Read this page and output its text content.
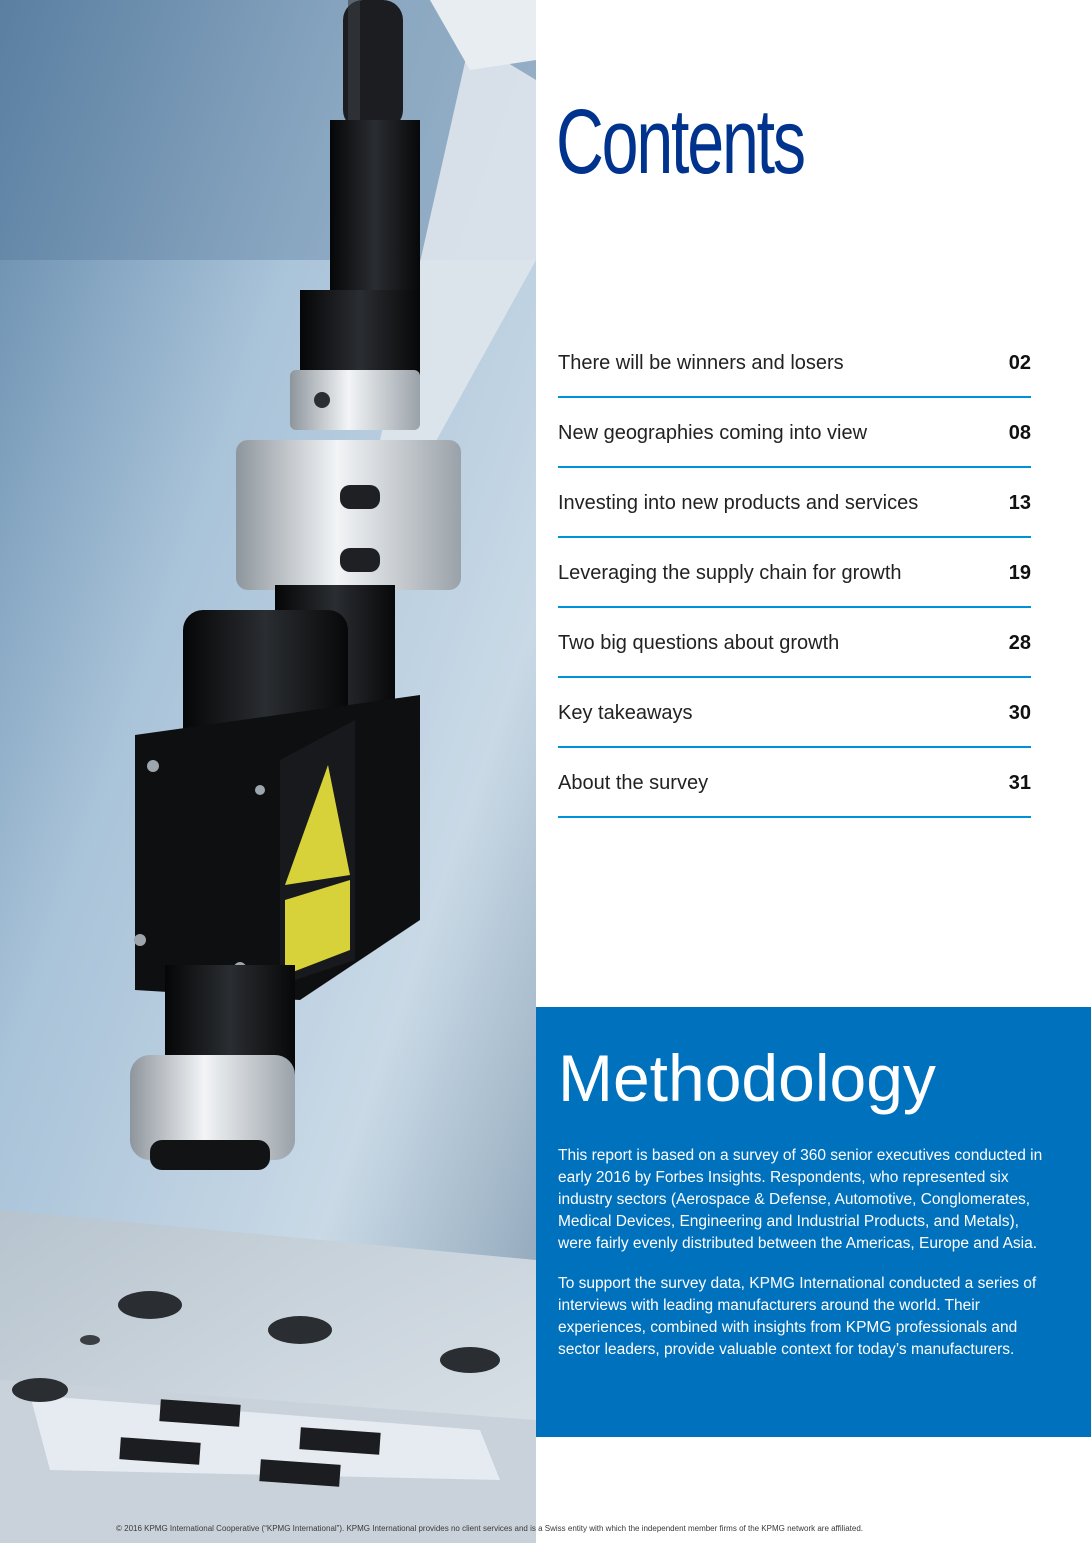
Contents
There will be winners and losers	02
New geographies coming into view	08
Investing into new products and services	13
Leveraging the supply chain for growth	19
Two big questions about growth	28
Key takeaways	30
About the survey	31
Methodology

This report is based on a survey of 360 senior executives conducted in early 2016 by Forbes Insights. Respondents, who represented six industry sectors (Aerospace & Defense, Automotive, Conglomerates, Medical Devices, Engineering and Industrial Products, and Metals), were fairly evenly distributed between the Americas, Europe and Asia.

To support the survey data, KPMG International conducted a series of interviews with leading manufacturers around the world. Their experiences, combined with insights from KPMG professionals and sector leaders, provide valuable context for today’s manufacturers.

© 2016 KPMG International Cooperative (“KPMG International”). KPMG International provides no client services and is a Swiss entity with which the independent member firms of the KPMG network are affiliated.
